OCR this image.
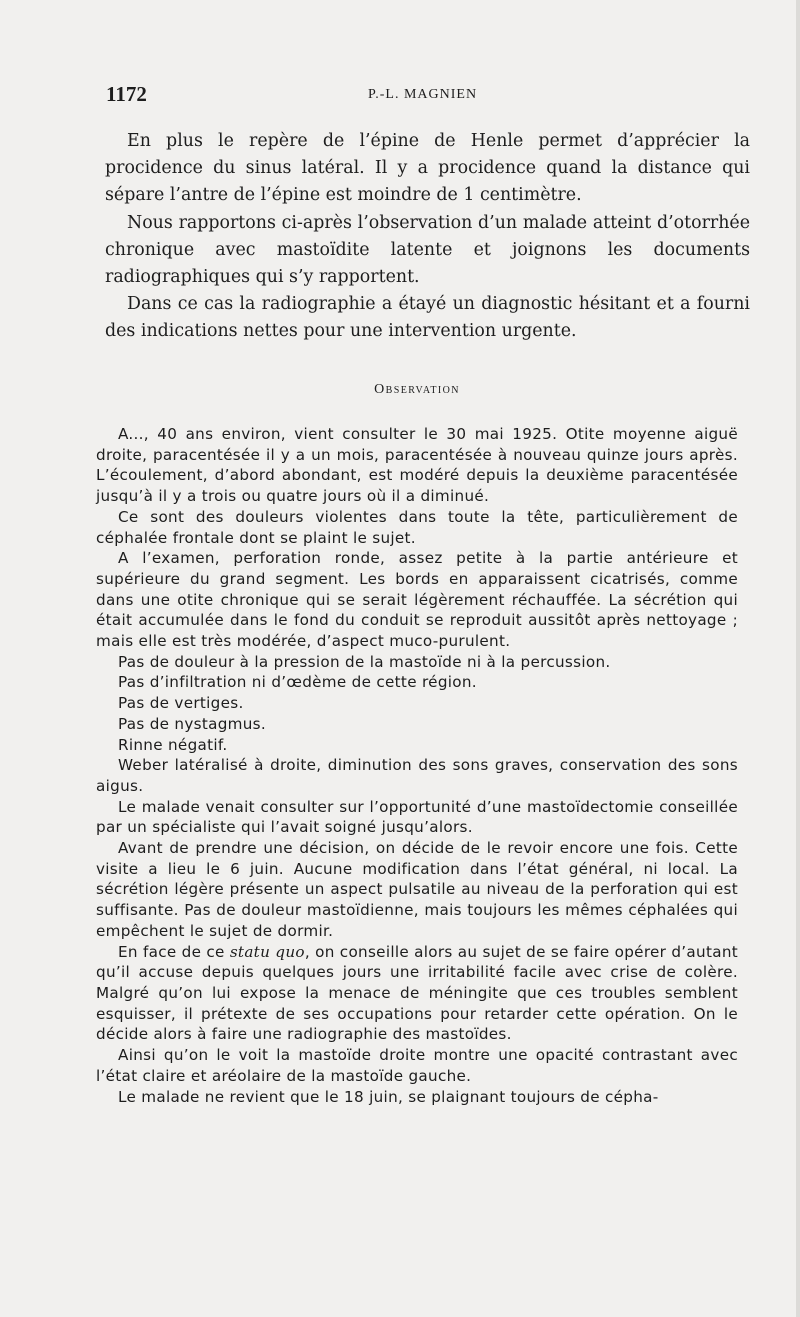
1172	P.-L. MAGNIEN

En plus le repère de l’épine de Henle permet d’apprécier la procidence du sinus latéral. Il y a procidence quand la distance qui sépare l’antre de l’épine est moindre de 1 centimètre.

Nous rapportons ci-après l’observation d’un malade atteint d’otorrhée chronique avec mastoïdite latente et joignons les documents radiographiques qui s’y rapportent.

Dans ce cas la radiographie a étayé un diagnostic hésitant et a fourni des indications nettes pour une intervention urgente.

Observation

A..., 40 ans environ, vient consulter le 30 mai 1925. Otite moyenne aiguë droite, paracentésée il y a un mois, paracentésée à nouveau quinze jours après. L’écoulement, d’abord abondant, est modéré depuis la deuxième paracentésée jusqu’à il y a trois ou quatre jours où il a diminué.

Ce sont des douleurs violentes dans toute la tête, particulièrement de céphalée frontale dont se plaint le sujet.

A l’examen, perforation ronde, assez petite à la partie antérieure et supérieure du grand segment. Les bords en apparaissent cicatrisés, comme dans une otite chronique qui se serait légèrement réchauffée. La sécrétion qui était accumulée dans le fond du conduit se reproduit aussitôt après nettoyage ; mais elle est très modérée, d’aspect muco-purulent.

Pas de douleur à la pression de la mastoïde ni à la percussion.

Pas d’infiltration ni d’œdème de cette région.

Pas de vertiges.

Pas de nystagmus.

Rinne négatif.

Weber latéralisé à droite, diminution des sons graves, conservation des sons aigus.

Le malade venait consulter sur l’opportunité d’une mastoïdectomie conseillée par un spécialiste qui l’avait soigné jusqu’alors.

Avant de prendre une décision, on décide de le revoir encore une fois. Cette visite a lieu le 6 juin. Aucune modification dans l’état général, ni local. La sécrétion légère présente un aspect pulsatile au niveau de la perforation qui est suffisante. Pas de douleur mastoïdienne, mais toujours les mêmes céphalées qui empêchent le sujet de dormir.

En face de ce statu quo, on conseille alors au sujet de se faire opérer d’autant qu’il accuse depuis quelques jours une irritabilité facile avec crise de colère. Malgré qu’on lui expose la menace de méningite que ces troubles semblent esquisser, il prétexte de ses occupations pour retarder cette opération. On le décide alors à faire une radiographie des mastoïdes.

Ainsi qu’on le voit la mastoïde droite montre une opacité contrastant avec l’état claire et aréolaire de la mastoïde gauche.

Le malade ne revient que le 18 juin, se plaignant toujours de cépha-
